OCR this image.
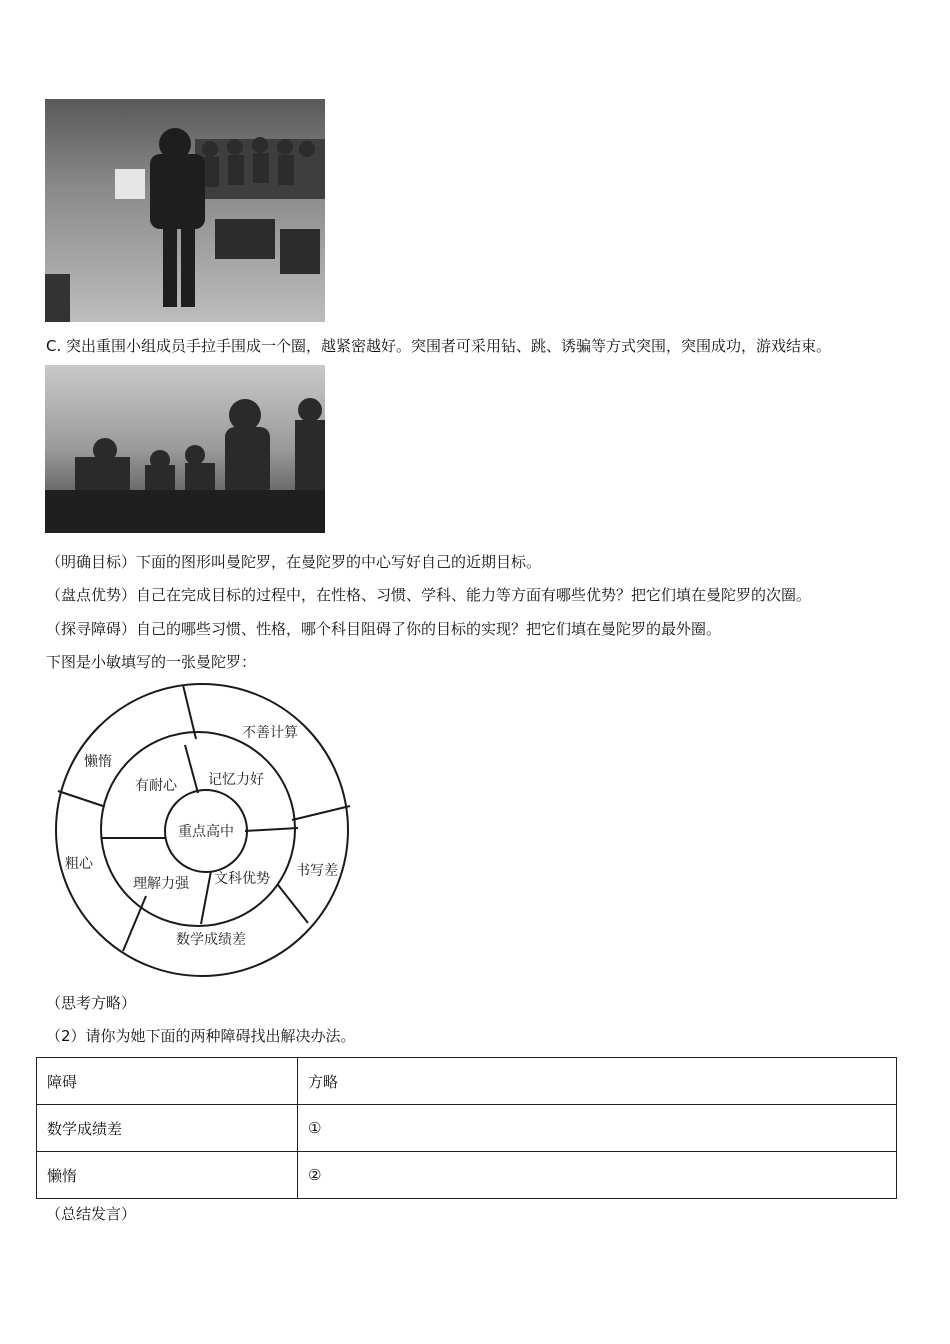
C. 突出重围小组成员手拉手围成一个圈，越紧密越好。突围者可采用钻、跳、诱骗等方式突围，突围成功，游戏结束。
（明确目标）下面的图形叫曼陀罗，在曼陀罗的中心写好自己的近期目标。
（盘点优势）自己在完成目标的过程中，在性格、习惯、学科、能力等方面有哪些优势？把它们填在曼陀罗的次圈。
（探寻障碍）自己的哪些习惯、性格，哪个科目阻碍了你的目标的实现？把它们填在曼陀罗的最外圈。
下图是小敏填写的一张曼陀罗：
重点高中
有耐心 记忆力好
文科优势
理解力强
懒惰
不善计算
书写差
数学成绩差
粗心
（思考方略）
（2）请你为她下面的两种障碍找出解决办法。
障碍	方略
数学成绩差	①
懒惰	②
（总结发言）
